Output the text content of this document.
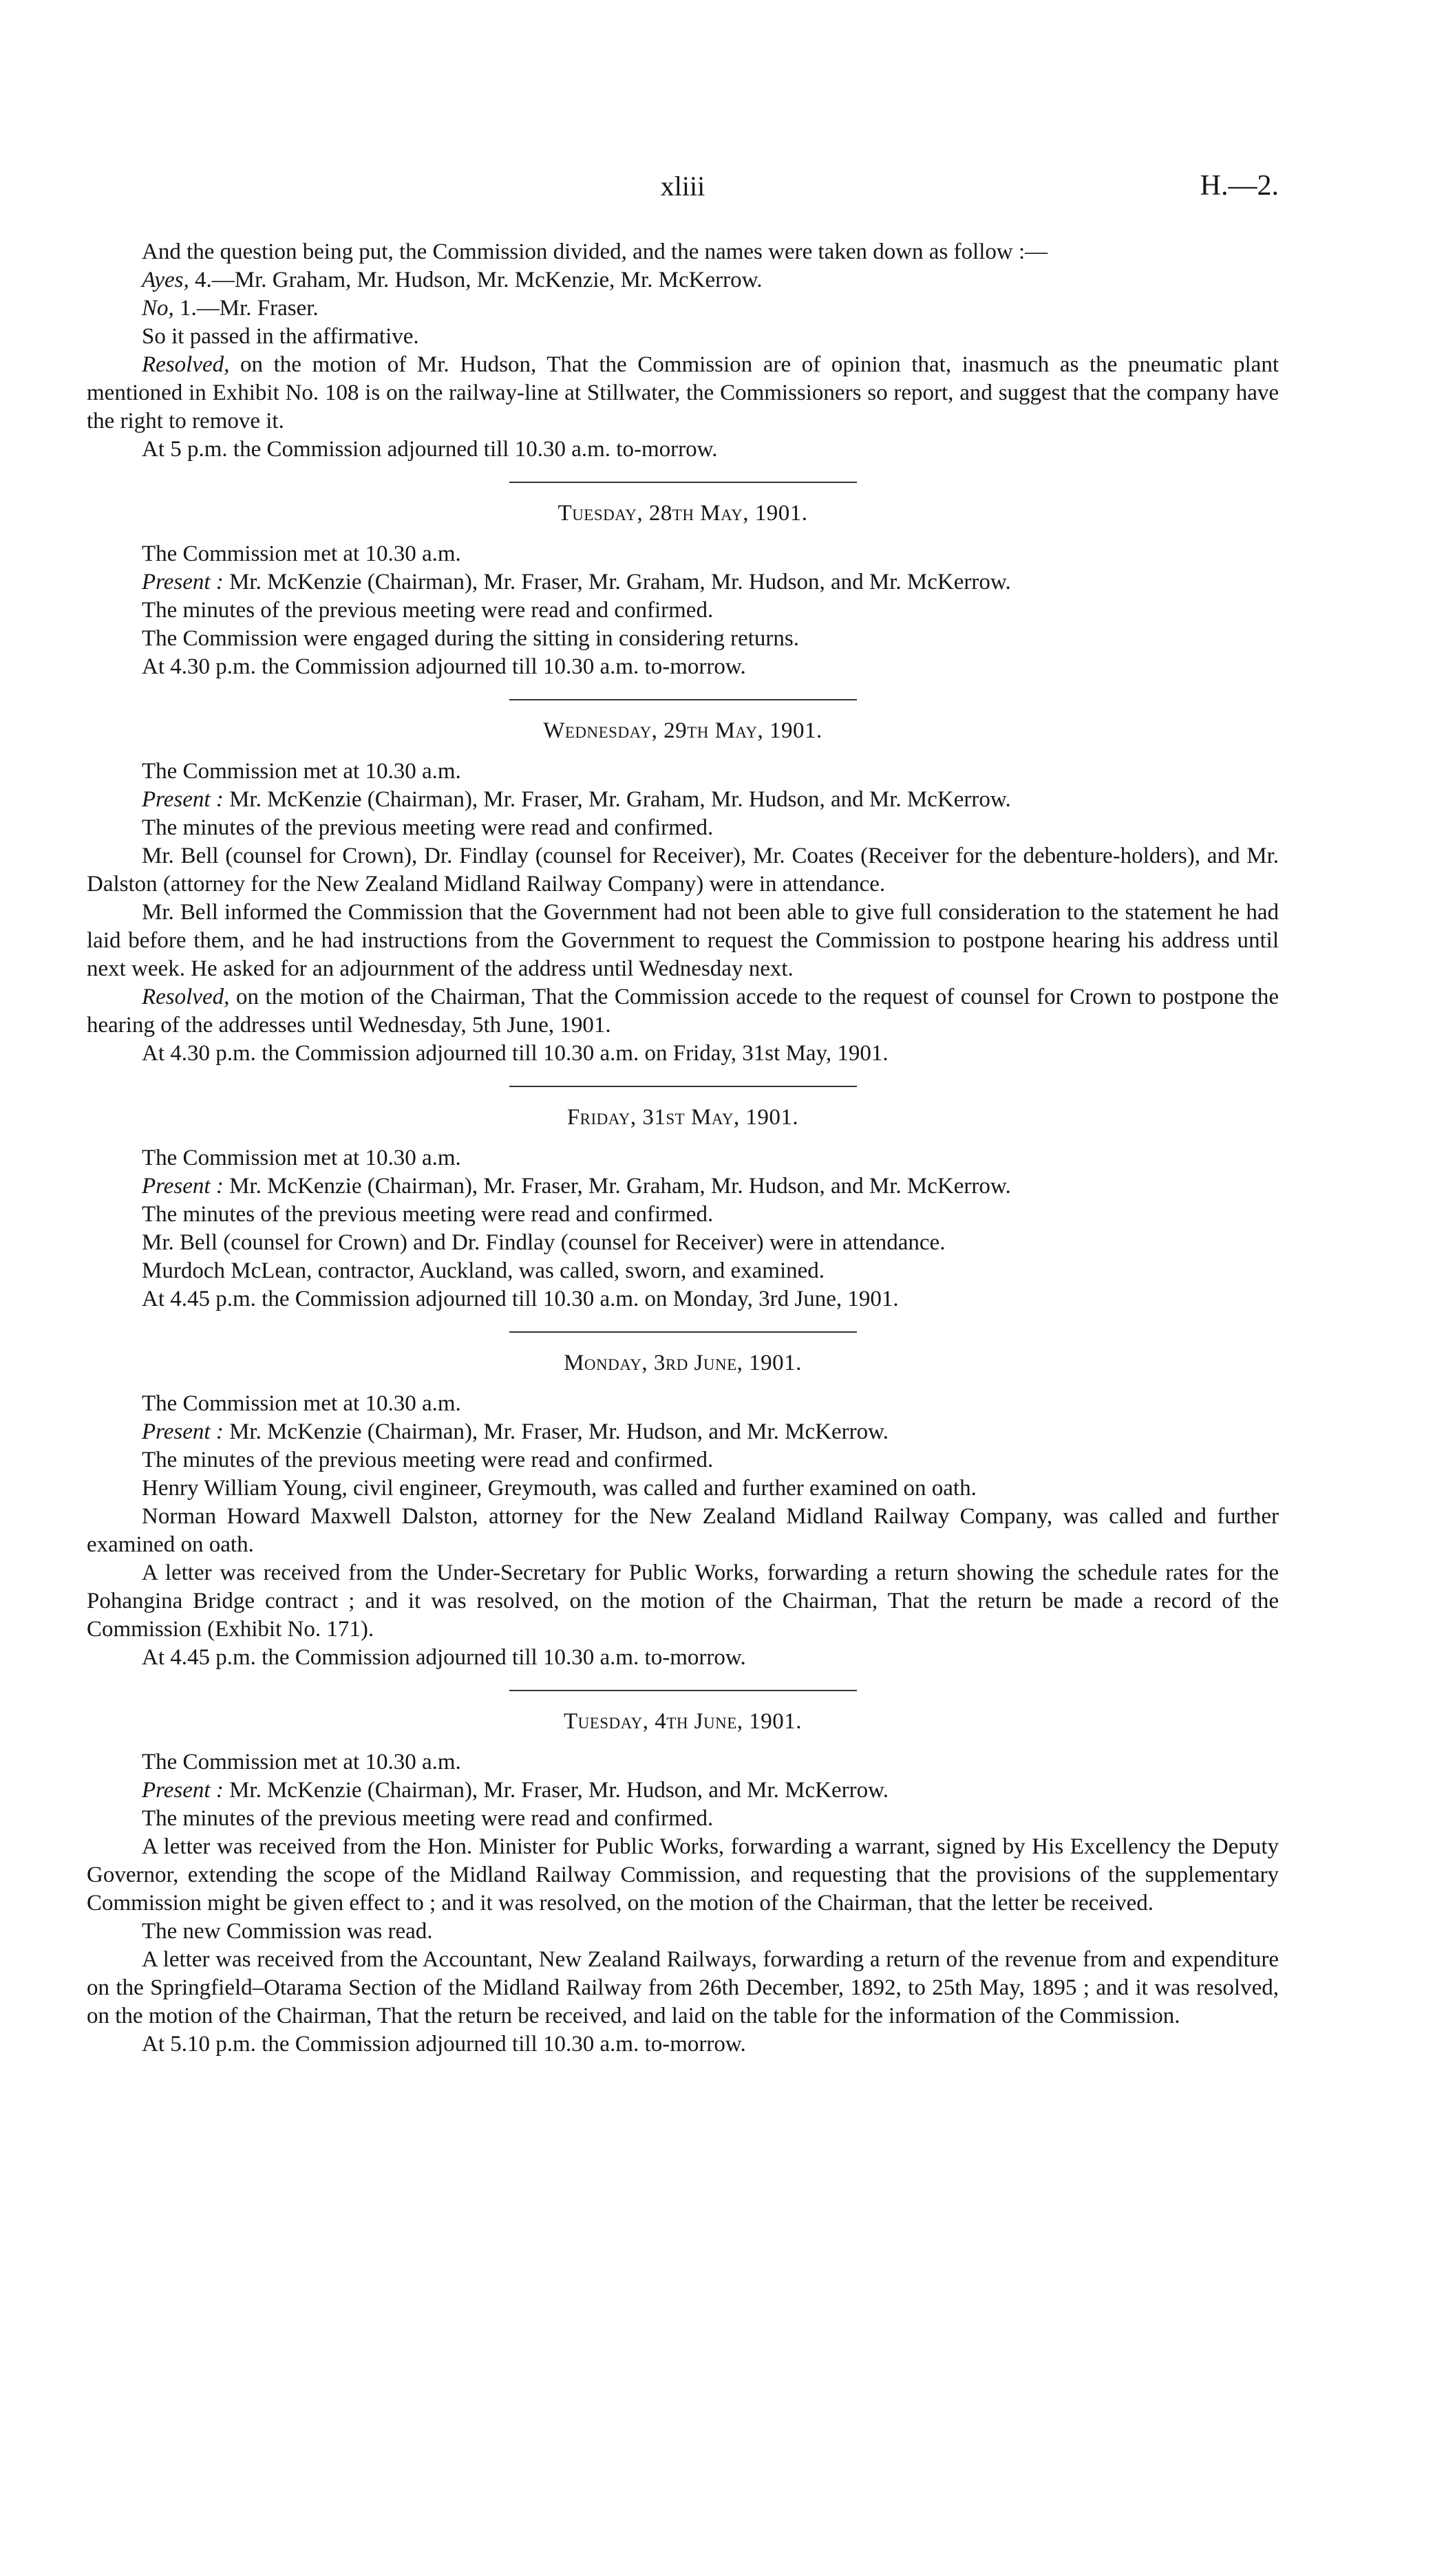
xliii	H.—2.

And the question being put, the Commission divided, and the names were taken down as follow :—

Ayes, 4.—Mr. Graham, Mr. Hudson, Mr. McKenzie, Mr. McKerrow.

No, 1.—Mr. Fraser.

So it passed in the affirmative.

Resolved, on the motion of Mr. Hudson, That the Commission are of opinion that, inasmuch as the pneumatic plant mentioned in Exhibit No. 108 is on the railway-line at Stillwater, the Commissioners so report, and suggest that the company have the right to remove it.

At 5 p.m. the Commission adjourned till 10.30 a.m. to-morrow.

Tuesday, 28th May, 1901.

The Commission met at 10.30 a.m.

Present : Mr. McKenzie (Chairman), Mr. Fraser, Mr. Graham, Mr. Hudson, and Mr. McKerrow.

The minutes of the previous meeting were read and confirmed.

The Commission were engaged during the sitting in considering returns.

At 4.30 p.m. the Commission adjourned till 10.30 a.m. to-morrow.

Wednesday, 29th May, 1901.

The Commission met at 10.30 a.m.

Present : Mr. McKenzie (Chairman), Mr. Fraser, Mr. Graham, Mr. Hudson, and Mr. McKerrow.

The minutes of the previous meeting were read and confirmed.

Mr. Bell (counsel for Crown), Dr. Findlay (counsel for Receiver), Mr. Coates (Receiver for the debenture-holders), and Mr. Dalston (attorney for the New Zealand Midland Railway Company) were in attendance.

Mr. Bell informed the Commission that the Government had not been able to give full consideration to the statement he had laid before them, and he had instructions from the Government to request the Commission to postpone hearing his address until next week. He asked for an adjournment of the address until Wednesday next.

Resolved, on the motion of the Chairman, That the Commission accede to the request of counsel for Crown to postpone the hearing of the addresses until Wednesday, 5th June, 1901.

At 4.30 p.m. the Commission adjourned till 10.30 a.m. on Friday, 31st May, 1901.

Friday, 31st May, 1901.

The Commission met at 10.30 a.m.

Present : Mr. McKenzie (Chairman), Mr. Fraser, Mr. Graham, Mr. Hudson, and Mr. McKerrow.

The minutes of the previous meeting were read and confirmed.

Mr. Bell (counsel for Crown) and Dr. Findlay (counsel for Receiver) were in attendance.

Murdoch McLean, contractor, Auckland, was called, sworn, and examined.

At 4.45 p.m. the Commission adjourned till 10.30 a.m. on Monday, 3rd June, 1901.

Monday, 3rd June, 1901.

The Commission met at 10.30 a.m.

Present : Mr. McKenzie (Chairman), Mr. Fraser, Mr. Hudson, and Mr. McKerrow.

The minutes of the previous meeting were read and confirmed.

Henry William Young, civil engineer, Greymouth, was called and further examined on oath.

Norman Howard Maxwell Dalston, attorney for the New Zealand Midland Railway Company, was called and further examined on oath.

A letter was received from the Under-Secretary for Public Works, forwarding a return showing the schedule rates for the Pohangina Bridge contract ; and it was resolved, on the motion of the Chairman, That the return be made a record of the Commission (Exhibit No. 171).

At 4.45 p.m. the Commission adjourned till 10.30 a.m. to-morrow.

Tuesday, 4th June, 1901.

The Commission met at 10.30 a.m.

Present : Mr. McKenzie (Chairman), Mr. Fraser, Mr. Hudson, and Mr. McKerrow.

The minutes of the previous meeting were read and confirmed.

A letter was received from the Hon. Minister for Public Works, forwarding a warrant, signed by His Excellency the Deputy Governor, extending the scope of the Midland Railway Commission, and requesting that the provisions of the supplementary Commission might be given effect to ; and it was resolved, on the motion of the Chairman, that the letter be received.

The new Commission was read.

A letter was received from the Accountant, New Zealand Railways, forwarding a return of the revenue from and expenditure on the Springfield–Otarama Section of the Midland Railway from 26th December, 1892, to 25th May, 1895 ; and it was resolved, on the motion of the Chairman, That the return be received, and laid on the table for the information of the Commission.

At 5.10 p.m. the Commission adjourned till 10.30 a.m. to-morrow.
